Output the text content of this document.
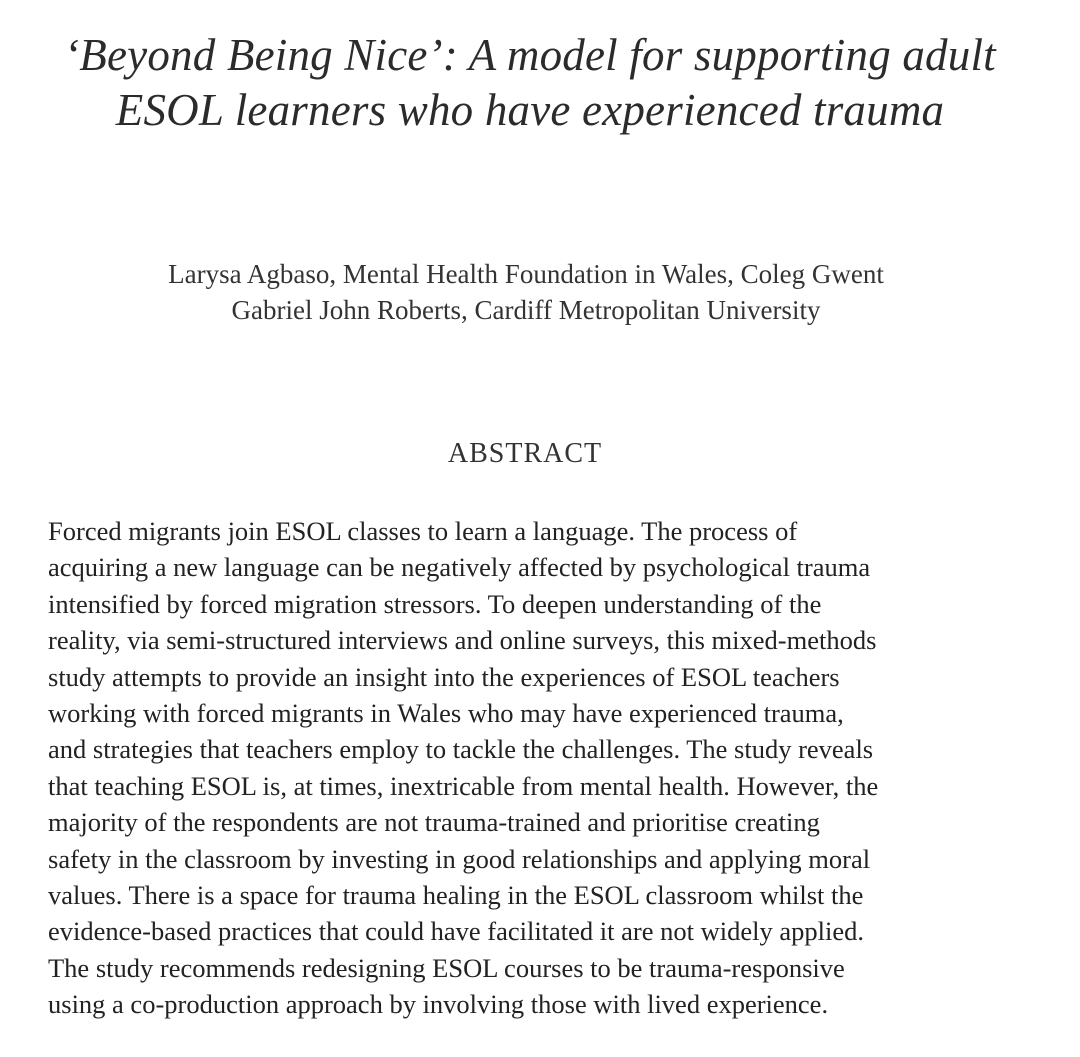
‘Beyond Being Nice’: A model for supporting adult
ESOL learners who have experienced trauma
Larysa Agbaso, Mental Health Foundation in Wales, Coleg Gwent
Gabriel John Roberts, Cardiff Metropolitan University
ABSTRACT
Forced migrants join ESOL classes to learn a language. The process of
acquiring a new language can be negatively affected by psychological trauma
intensified by forced migration stressors. To deepen understanding of the
reality, via semi-structured interviews and online surveys, this mixed-methods
study attempts to provide an insight into the experiences of ESOL teachers
working with forced migrants in Wales who may have experienced trauma,
and strategies that teachers employ to tackle the challenges. The study reveals
that teaching ESOL is, at times, inextricable from mental health. However, the
majority of the respondents are not trauma-trained and prioritise creating
safety in the classroom by investing in good relationships and applying moral
values. There is a space for trauma healing in the ESOL classroom whilst the
evidence-based practices that could have facilitated it are not widely applied.
The study recommends redesigning ESOL courses to be trauma-responsive
using a co-production approach by involving those with lived experience.
